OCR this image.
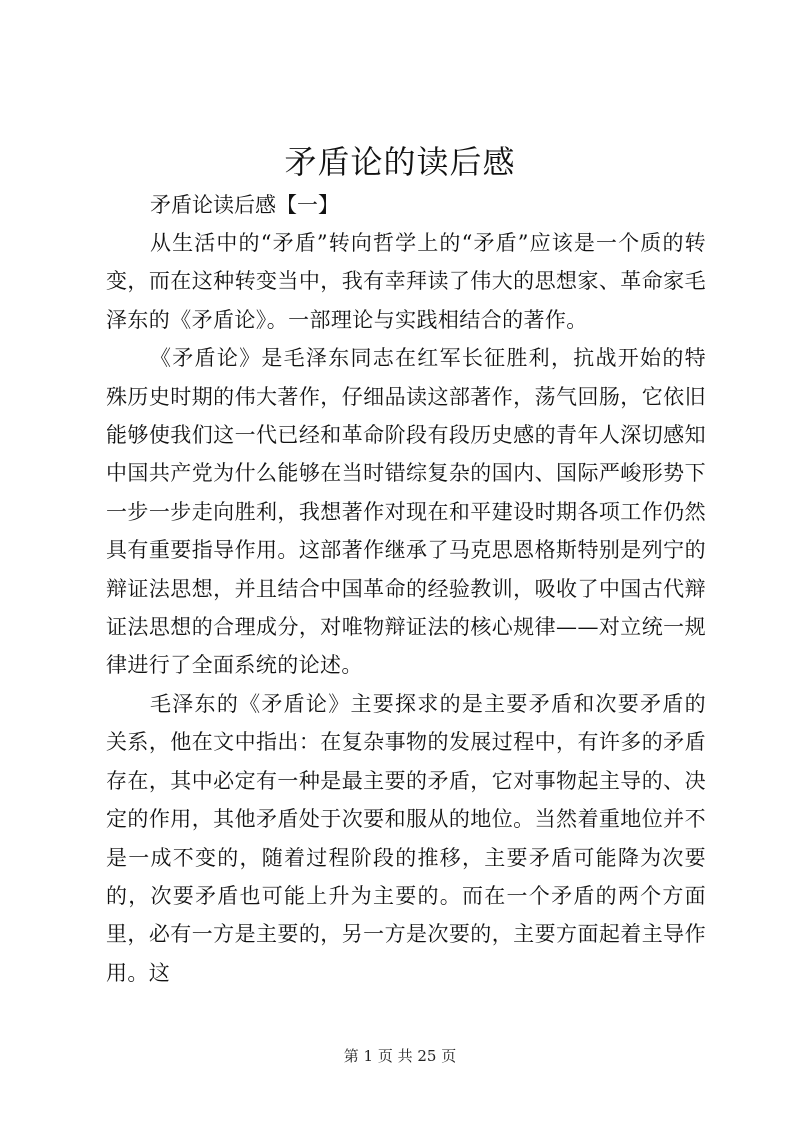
矛盾论的读后感

矛盾论读后感【一】

从生活中的“矛盾”转向哲学上的“矛盾”应该是一个质的转变，而在这种转变当中，我有幸拜读了伟大的思想家、革命家毛泽东的《矛盾论》。一部理论与实践相结合的著作。

《矛盾论》是毛泽东同志在红军长征胜利，抗战开始的特殊历史时期的伟大著作，仔细品读这部著作，荡气回肠，它依旧能够使我们这一代已经和革命阶段有段历史感的青年人深切感知中国共产党为什么能够在当时错综复杂的国内、国际严峻形势下一步一步走向胜利，我想著作对现在和平建设时期各项工作仍然具有重要指导作用。这部著作继承了马克思恩格斯特别是列宁的辩证法思想，并且结合中国革命的经验教训，吸收了中国古代辩证法思想的合理成分，对唯物辩证法的核心规律——对立统一规律进行了全面系统的论述。

毛泽东的《矛盾论》主要探求的是主要矛盾和次要矛盾的关系，他在文中指出：在复杂事物的发展过程中，有许多的矛盾存在，其中必定有一种是最主要的矛盾，它对事物起主导的、决定的作用，其他矛盾处于次要和服从的地位。当然着重地位并不是一成不变的，随着过程阶段的推移，主要矛盾可能降为次要的，次要矛盾也可能上升为主要的。而在一个矛盾的两个方面里，必有一方是主要的，另一方是次要的，主要方面起着主导作用。这

第 1 页 共 25 页
